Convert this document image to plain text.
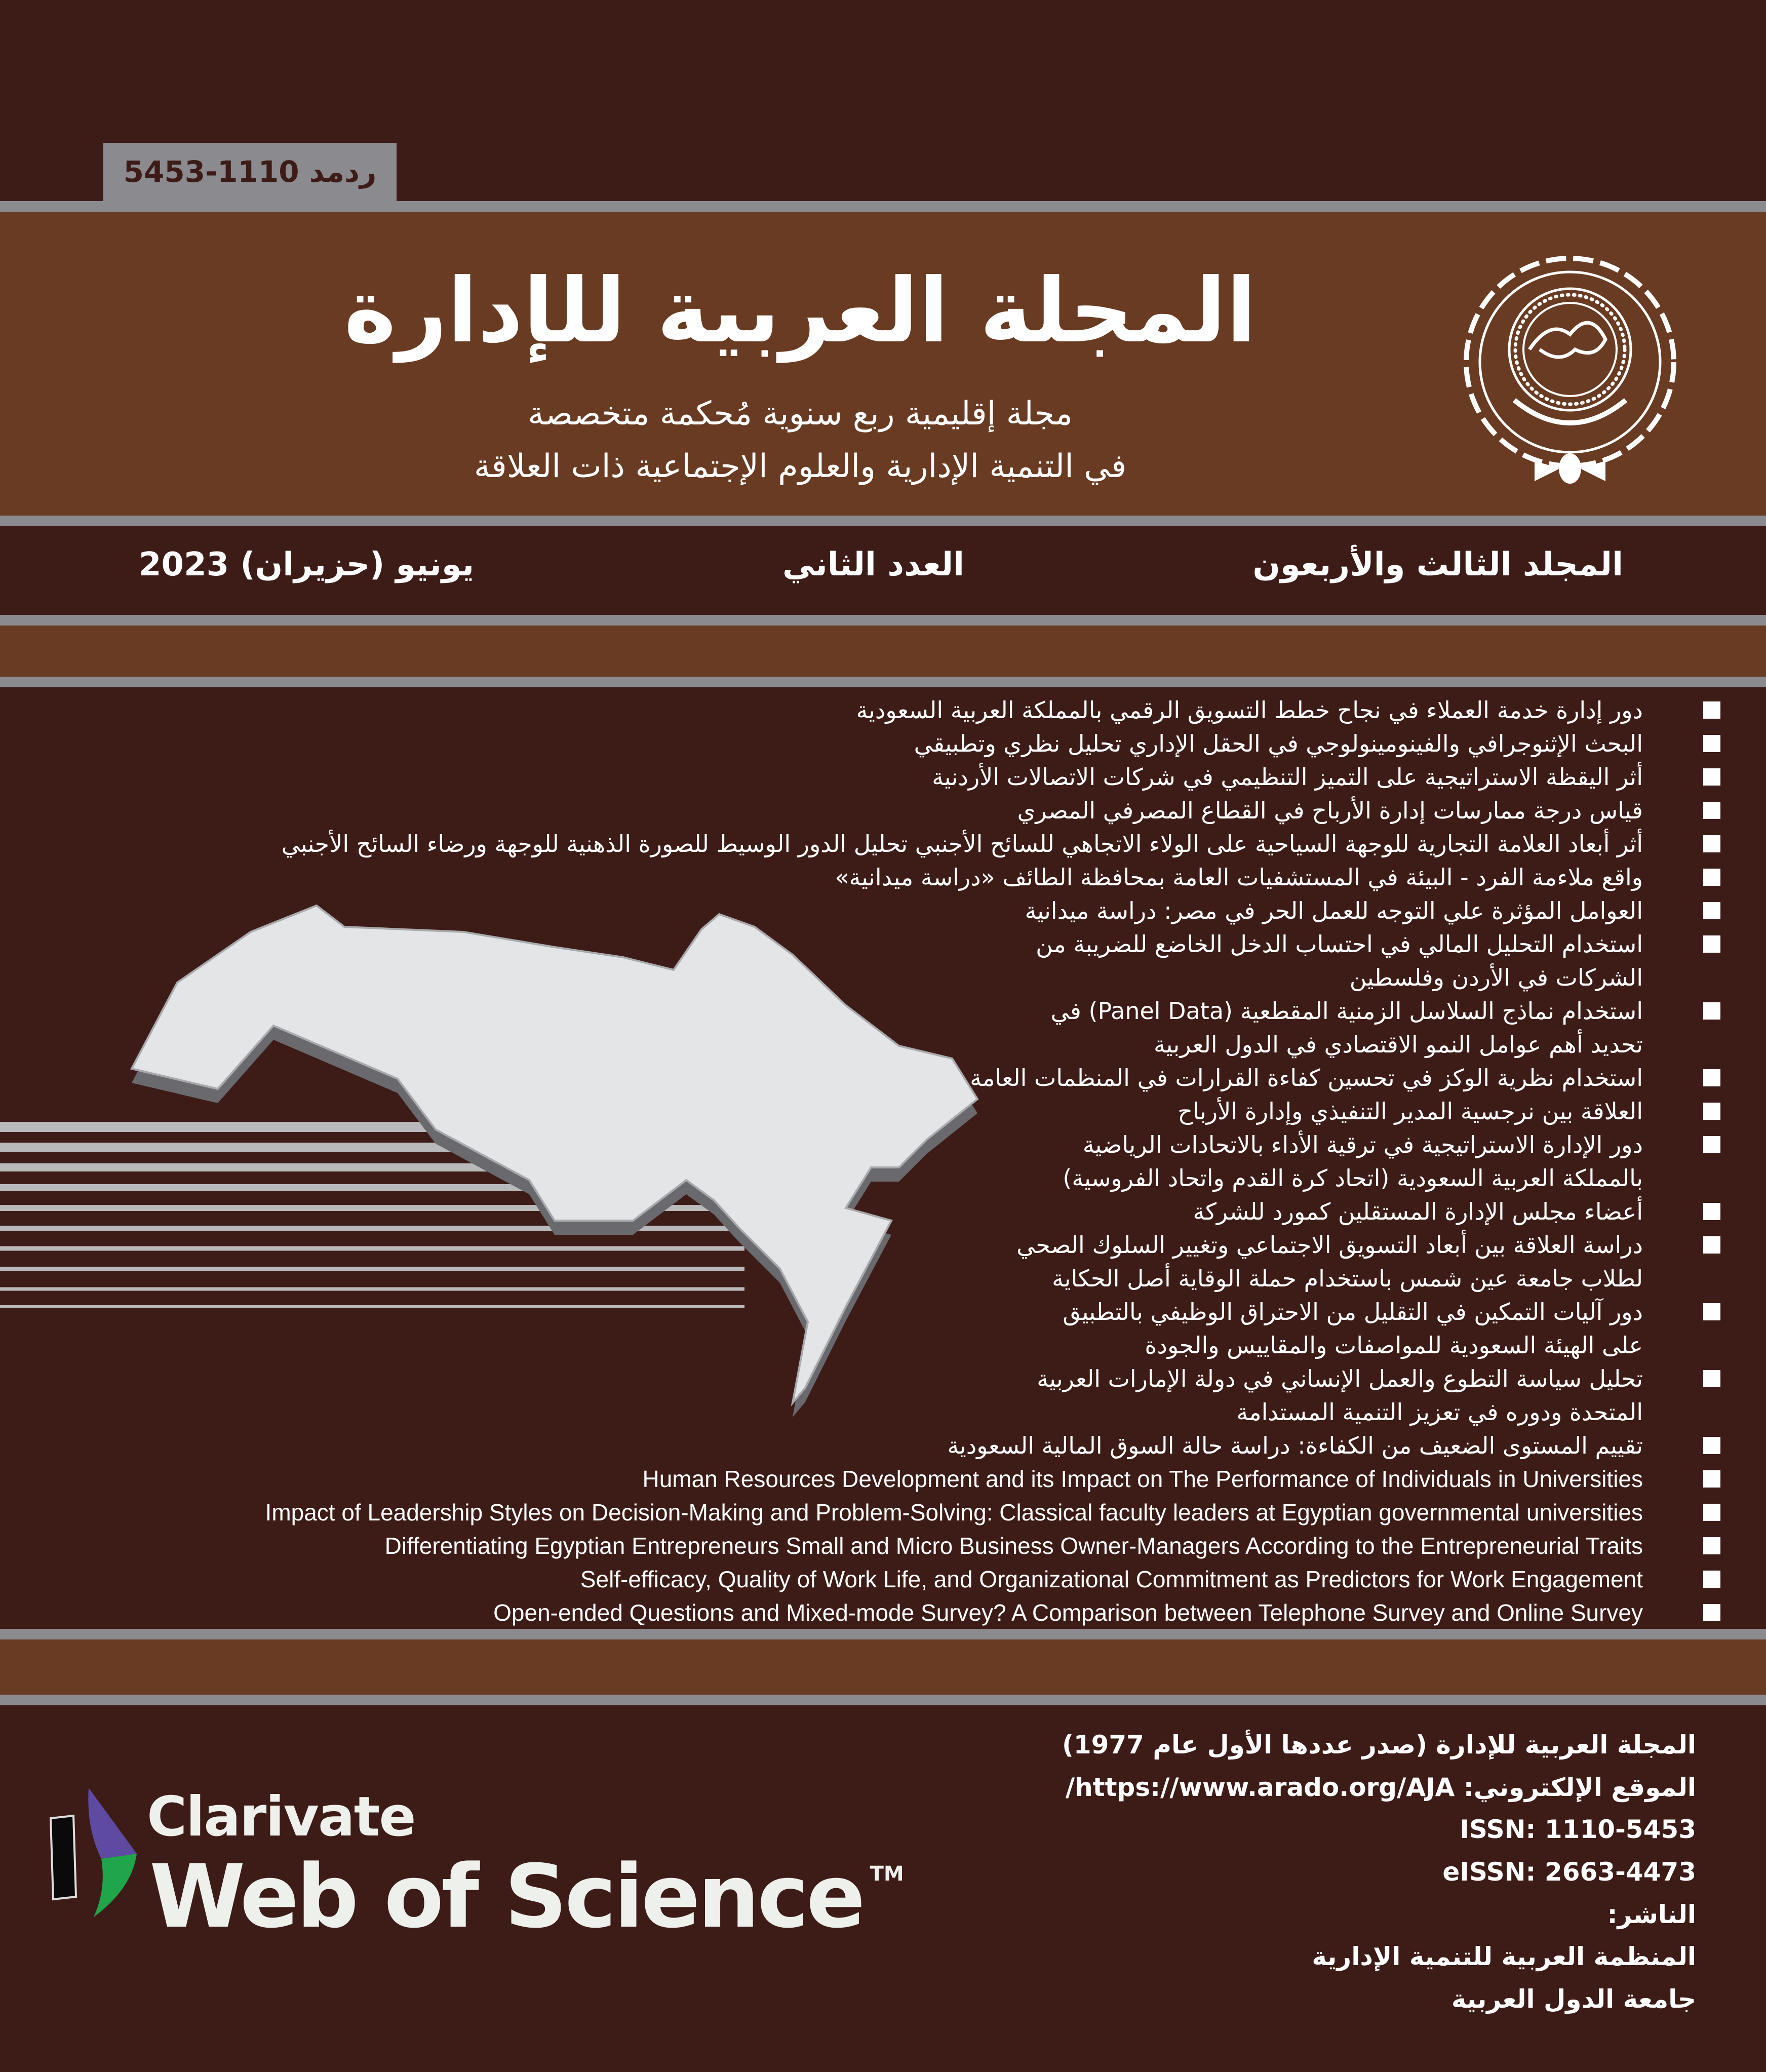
ردمد 1110-5453
المجلة العربية للإدارة
مجلة إقليمية ربع سنوية مُحكمة متخصصة
في التنمية الإدارية والعلوم الإجتماعية ذات العلاقة
المجلد الثالث والأربعون
العدد الثاني
يونيو (حزيران) 2023
دور إدارة خدمة العملاء في نجاح خطط التسويق الرقمي بالمملكة العربية السعودية
البحث الإثنوجرافي والفينومينولوجي في الحقل الإداري تحليل نظري وتطبيقي
أثر اليقظة الاستراتيجية على التميز التنظيمي في شركات الاتصالات الأردنية
قياس درجة ممارسات إدارة الأرباح في القطاع المصرفي المصري
أثر أبعاد العلامة التجارية للوجهة السياحية على الولاء الاتجاهي للسائح الأجنبي تحليل الدور الوسيط للصورة الذهنية للوجهة ورضاء السائح الأجنبي
واقع ملاءمة الفرد - البيئة في المستشفيات العامة بمحافظة الطائف «دراسة ميدانية»
العوامل المؤثرة علي التوجه للعمل الحر في مصر: دراسة ميدانية
استخدام التحليل المالي في احتساب الدخل الخاضع للضريبة من
الشركات في الأردن وفلسطين
استخدام نماذج السلاسل الزمنية المقطعية (Panel Data) في
تحديد أهم عوامل النمو الاقتصادي في الدول العربية
استخدام نظرية الوكز في تحسين كفاءة القرارات في المنظمات العامة
العلاقة بين نرجسية المدير التنفيذي وإدارة الأرباح
دور الإدارة الاستراتيجية في ترقية الأداء بالاتحادات الرياضية
بالمملكة العربية السعودية (اتحاد كرة القدم واتحاد الفروسية)
أعضاء مجلس الإدارة المستقلين كمورد للشركة
دراسة العلاقة بين أبعاد التسويق الاجتماعي وتغيير السلوك الصحي
لطلاب جامعة عين شمس باستخدام حملة الوقاية أصل الحكاية
دور آليات التمكين في التقليل من الاحتراق الوظيفي بالتطبيق
على الهيئة السعودية للمواصفات والمقاييس والجودة
تحليل سياسة التطوع والعمل الإنساني في دولة الإمارات العربية
المتحدة ودوره في تعزيز التنمية المستدامة
تقييم المستوى الضعيف من الكفاءة: دراسة حالة السوق المالية السعودية
Human Resources Development and its Impact on The Performance of Individuals in Universities
Impact of Leadership Styles on Decision-Making and Problem-Solving: Classical faculty leaders at Egyptian governmental universities
Differentiating Egyptian Entrepreneurs Small and Micro Business Owner-Managers According to the Entrepreneurial Traits
Self-efficacy, Quality of Work Life, and Organizational Commitment as Predictors for Work Engagement
Open-ended Questions and Mixed-mode Survey? A Comparison between Telephone Survey and Online Survey
المجلة العربية للإدارة (صدر عددها الأول عام 1977)
الموقع الإلكتروني: https://www.arado.org/AJA/
ISSN: 1110-5453
eISSN: 2663-4473
الناشر:
المنظمة العربية للتنمية الإدارية
جامعة الدول العربية
Clarivate
Web of Science TM
